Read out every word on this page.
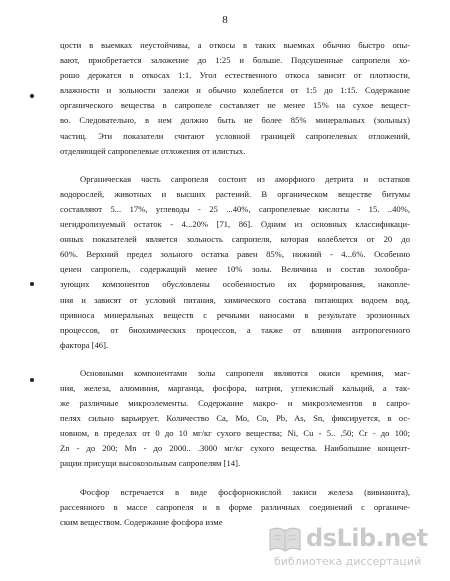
8
цости в выемках неустойчивы, а откосы в таких выемках обычно быстро опы-
вают, приобретается заложение до 1:25 и больше. Подсушенные сапропели хо-
рошо держатся в откосах 1:1. Угол естественного откоса зависит от плотности,
влажности и зольности залежи и обычно колеблется от 1:5 до 1:15. Содержание
органического вещества в сапропеле составляет не менее 15% на сухое вещест-
во. Следовательно, в нем должно быть не более 85% минеральных (зольных)
частиц. Эти показатели считают условной границей сапропелевых отложений,
отделяющей сапропелевые отложения от илистых.
Органическая часть сапропеля состоит из аморфного детрита и остатков
водорослей, животных и высших растений. В органическом веществе битумы
составляют 5... 17%, углеводы - 25 ...40%, сапропелевые кислоты - 15. ..40%,
негидролизуемый остаток - 4...20% [71, 86]. Одним из основных классификаци-
онных показателей является зольность сапропеля, которая колеблется от 20 до
60%. Верхний предел зольного остатка равен 85%, нижний - 4...6%. Особенно
ценен сапропель, содержащий менее 10% золы. Величина и состав золообра-
зующих компонентов обусловлены особенностью их формирования, накопле-
ния и зависят от условий питания, химического состава питающих водоем вод,
привноса минеральных веществ с речными наносами в результате эрозионных
процессов, от биохимических процессов, а также от влияния антропогенного
фактора [46].
Основными компонентами золы сапропеля являются окиси кремния, маг-
ния, железа, алюминия, марганца, фосфора, натрия, углекислый кальций, а так-
же различные микроэлементы. Содержание макро- и микроэлементов в сапро-
пелях сильно варьирует. Количество Са, Мо, Со, Pb, As, Sn, фиксируется, в ос-
новном, в пределах от 0 до 10 мг/кг сухого вещества; Ni, Cu - 5.. .50; Сr - до 100;
Zn - до 200; Мn - до 2000.. .3000 мг/кг сухого вещества. Наибольшие концент-
рации присущи высокозольным сапропелям [14].
Фосфор встречается в виде фосфорнокислой закиси железа (вивианита),
рассеянного в массе сапропеля и в форме различных соединений с органиче-
ским веществом. Содержание фосфора изме
dsLib.net
библиотека диссертаций
